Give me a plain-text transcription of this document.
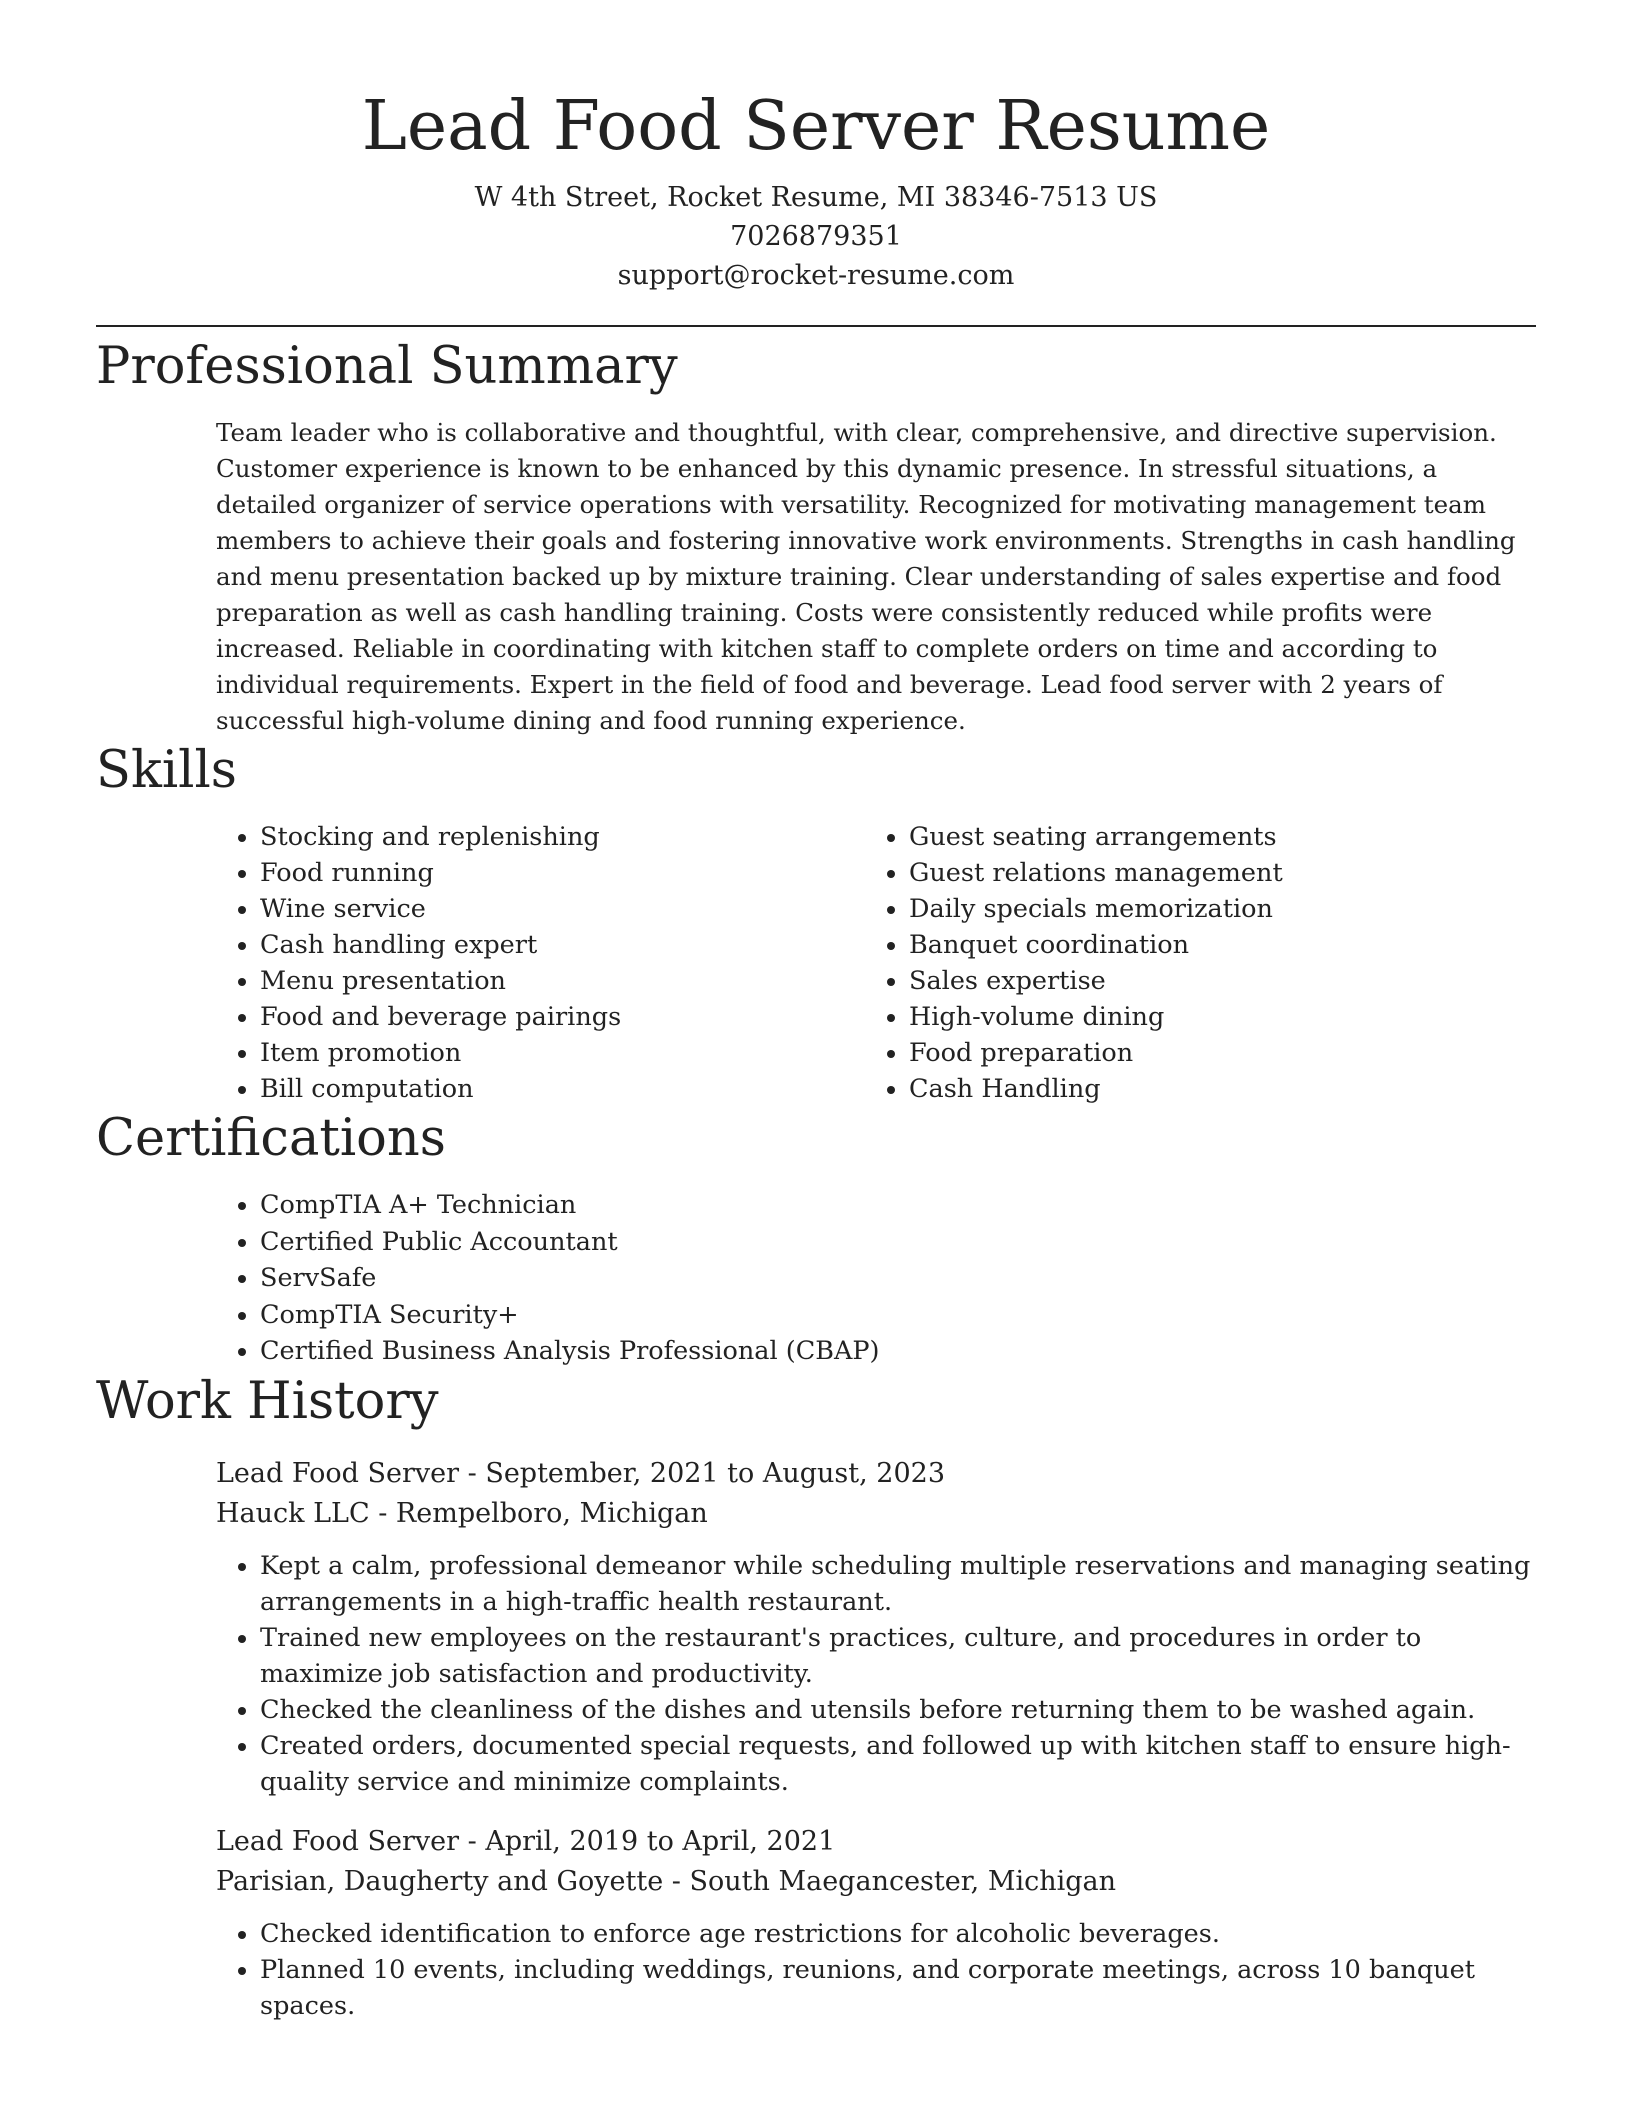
Lead Food Server Resume
W 4th Street, Rocket Resume, MI 38346-7513 US
7026879351
support@rocket-resume.com
Professional Summary

Team leader who is collaborative and thoughtful, with clear, comprehensive, and directive supervision. Customer experience is known to be enhanced by this dynamic presence. In stressful situations, a detailed organizer of service operations with versatility. Recognized for motivating management team members to achieve their goals and fostering innovative work environments. Strengths in cash handling and menu presentation backed up by mixture training. Clear understanding of sales expertise and food preparation as well as cash handling training. Costs were consistently reduced while profits were increased. Reliable in coordinating with kitchen staff to complete orders on time and according to individual requirements. Expert in the field of food and beverage. Lead food server with 2 years of successful high-volume dining and food running experience.

Skills
• Stocking and replenishing
• Food running
• Wine service
• Cash handling expert
• Menu presentation
• Food and beverage pairings
• Item promotion
• Bill computation
• Guest seating arrangements
• Guest relations management
• Daily specials memorization
• Banquet coordination
• Sales expertise
• High-volume dining
• Food preparation
• Cash Handling
Certifications
• CompTIA A+ Technician
• Certified Public Accountant
• ServSafe
• CompTIA Security+
• Certified Business Analysis Professional (CBAP)
Work History
Lead Food Server - September, 2021 to August, 2023
Hauck LLC - Rempelboro, Michigan
• Kept a calm, professional demeanor while scheduling multiple reservations and managing seating arrangements in a high-traffic health restaurant.
• Trained new employees on the restaurant's practices, culture, and procedures in order to maximize job satisfaction and productivity.
• Checked the cleanliness of the dishes and utensils before returning them to be washed again.
• Created orders, documented special requests, and followed up with kitchen staff to ensure high-quality service and minimize complaints.
Lead Food Server - April, 2019 to April, 2021
Parisian, Daugherty and Goyette - South Maegancester, Michigan
• Checked identification to enforce age restrictions for alcoholic beverages.
• Planned 10 events, including weddings, reunions, and corporate meetings, across 10 banquet spaces.
